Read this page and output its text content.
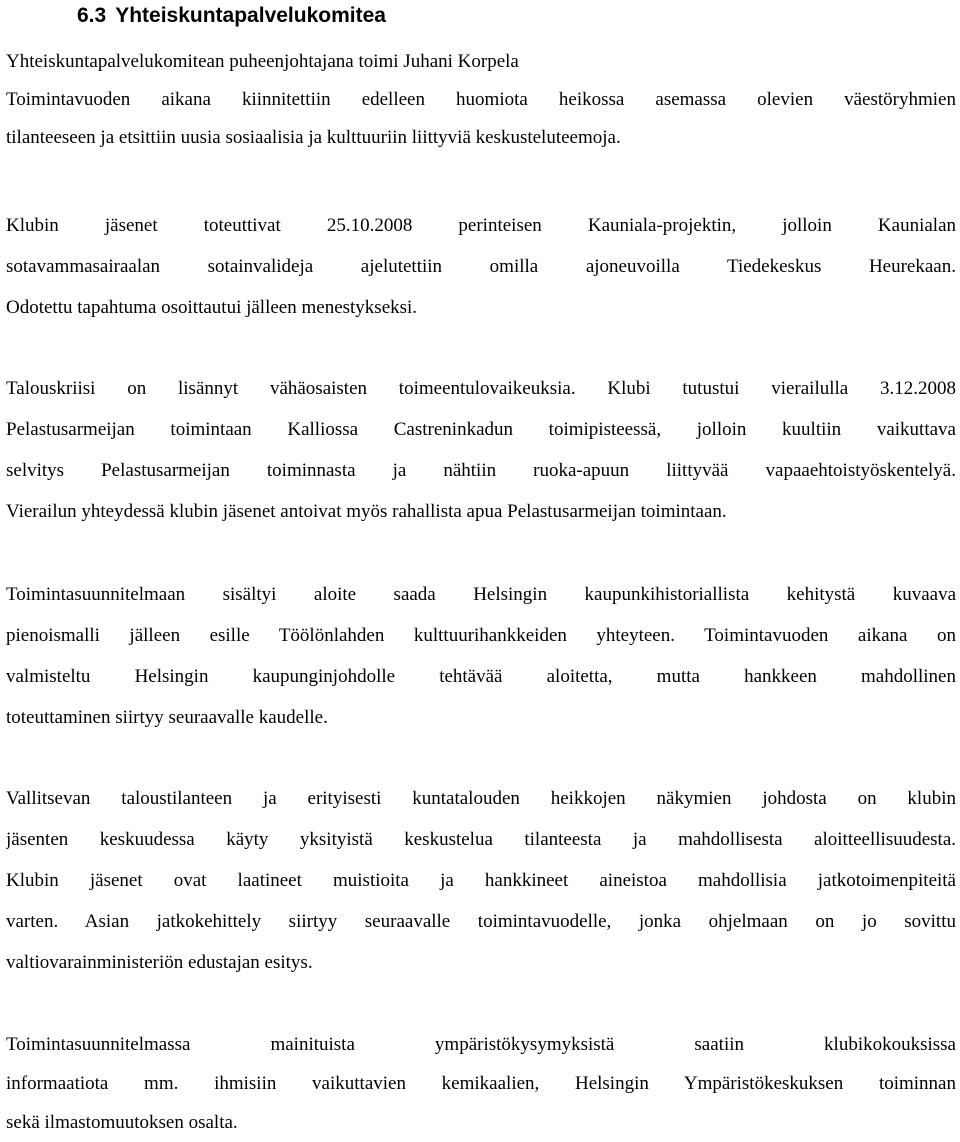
6.3 Yhteiskuntapalvelukomitea
Yhteiskuntapalvelukomitean puheenjohtajana toimi Juhani Korpela
Toimintavuoden aikana kiinnitettiin edelleen huomiota heikossa asemassa olevien väestöryhmien
tilanteeseen ja etsittiin uusia sosiaalisia ja kulttuuriin liittyviä keskusteluteemoja.
Klubin jäsenet toteuttivat 25.10.2008 perinteisen Kauniala-projektin, jolloin Kaunialan
sotavammasairaalan sotainvalideja ajelutettiin omilla ajoneuvoilla Tiedekeskus Heurekaan.
Odotettu tapahtuma osoittautui jälleen menestykseksi.
Talouskriisi on lisännyt vähäosaisten toimeentulovaikeuksia. Klubi tutustui vierailulla 3.12.2008
Pelastusarmeijan toimintaan Kalliossa Castreninkadun toimipisteessä, jolloin kuultiin vaikuttava
selvitys Pelastusarmeijan toiminnasta ja nähtiin ruoka-apuun liittyvää vapaaehtoistyöskentelyä.
Vierailun yhteydessä klubin jäsenet antoivat myös rahallista apua Pelastusarmeijan toimintaan.
Toimintasuunnitelmaan sisältyi aloite saada Helsingin kaupunkihistoriallista kehitystä kuvaava
pienoismalli jälleen esille Töölönlahden kulttuurihankkeiden yhteyteen. Toimintavuoden aikana on
valmisteltu Helsingin kaupunginjohdolle tehtävää aloitetta, mutta hankkeen mahdollinen
toteuttaminen siirtyy seuraavalle kaudelle.
Vallitsevan taloustilanteen ja erityisesti kuntatalouden heikkojen näkymien johdosta on klubin
jäsenten keskuudessa käyty yksityistä keskustelua tilanteesta ja mahdollisesta aloitteellisuudesta.
Klubin jäsenet ovat laatineet muistioita ja hankkineet aineistoa mahdollisia jatkotoimenpiteitä
varten. Asian jatkokehittely siirtyy seuraavalle toimintavuodelle, jonka ohjelmaan on jo sovittu
valtiovarainministeriön edustajan esitys.
Toimintasuunnitelmassa mainituista ympäristökysymyksistä saatiin klubikokouksissa
informaatiota mm. ihmisiin vaikuttavien kemikaalien, Helsingin Ympäristökeskuksen toiminnan
sekä ilmastomuutoksen osalta.
